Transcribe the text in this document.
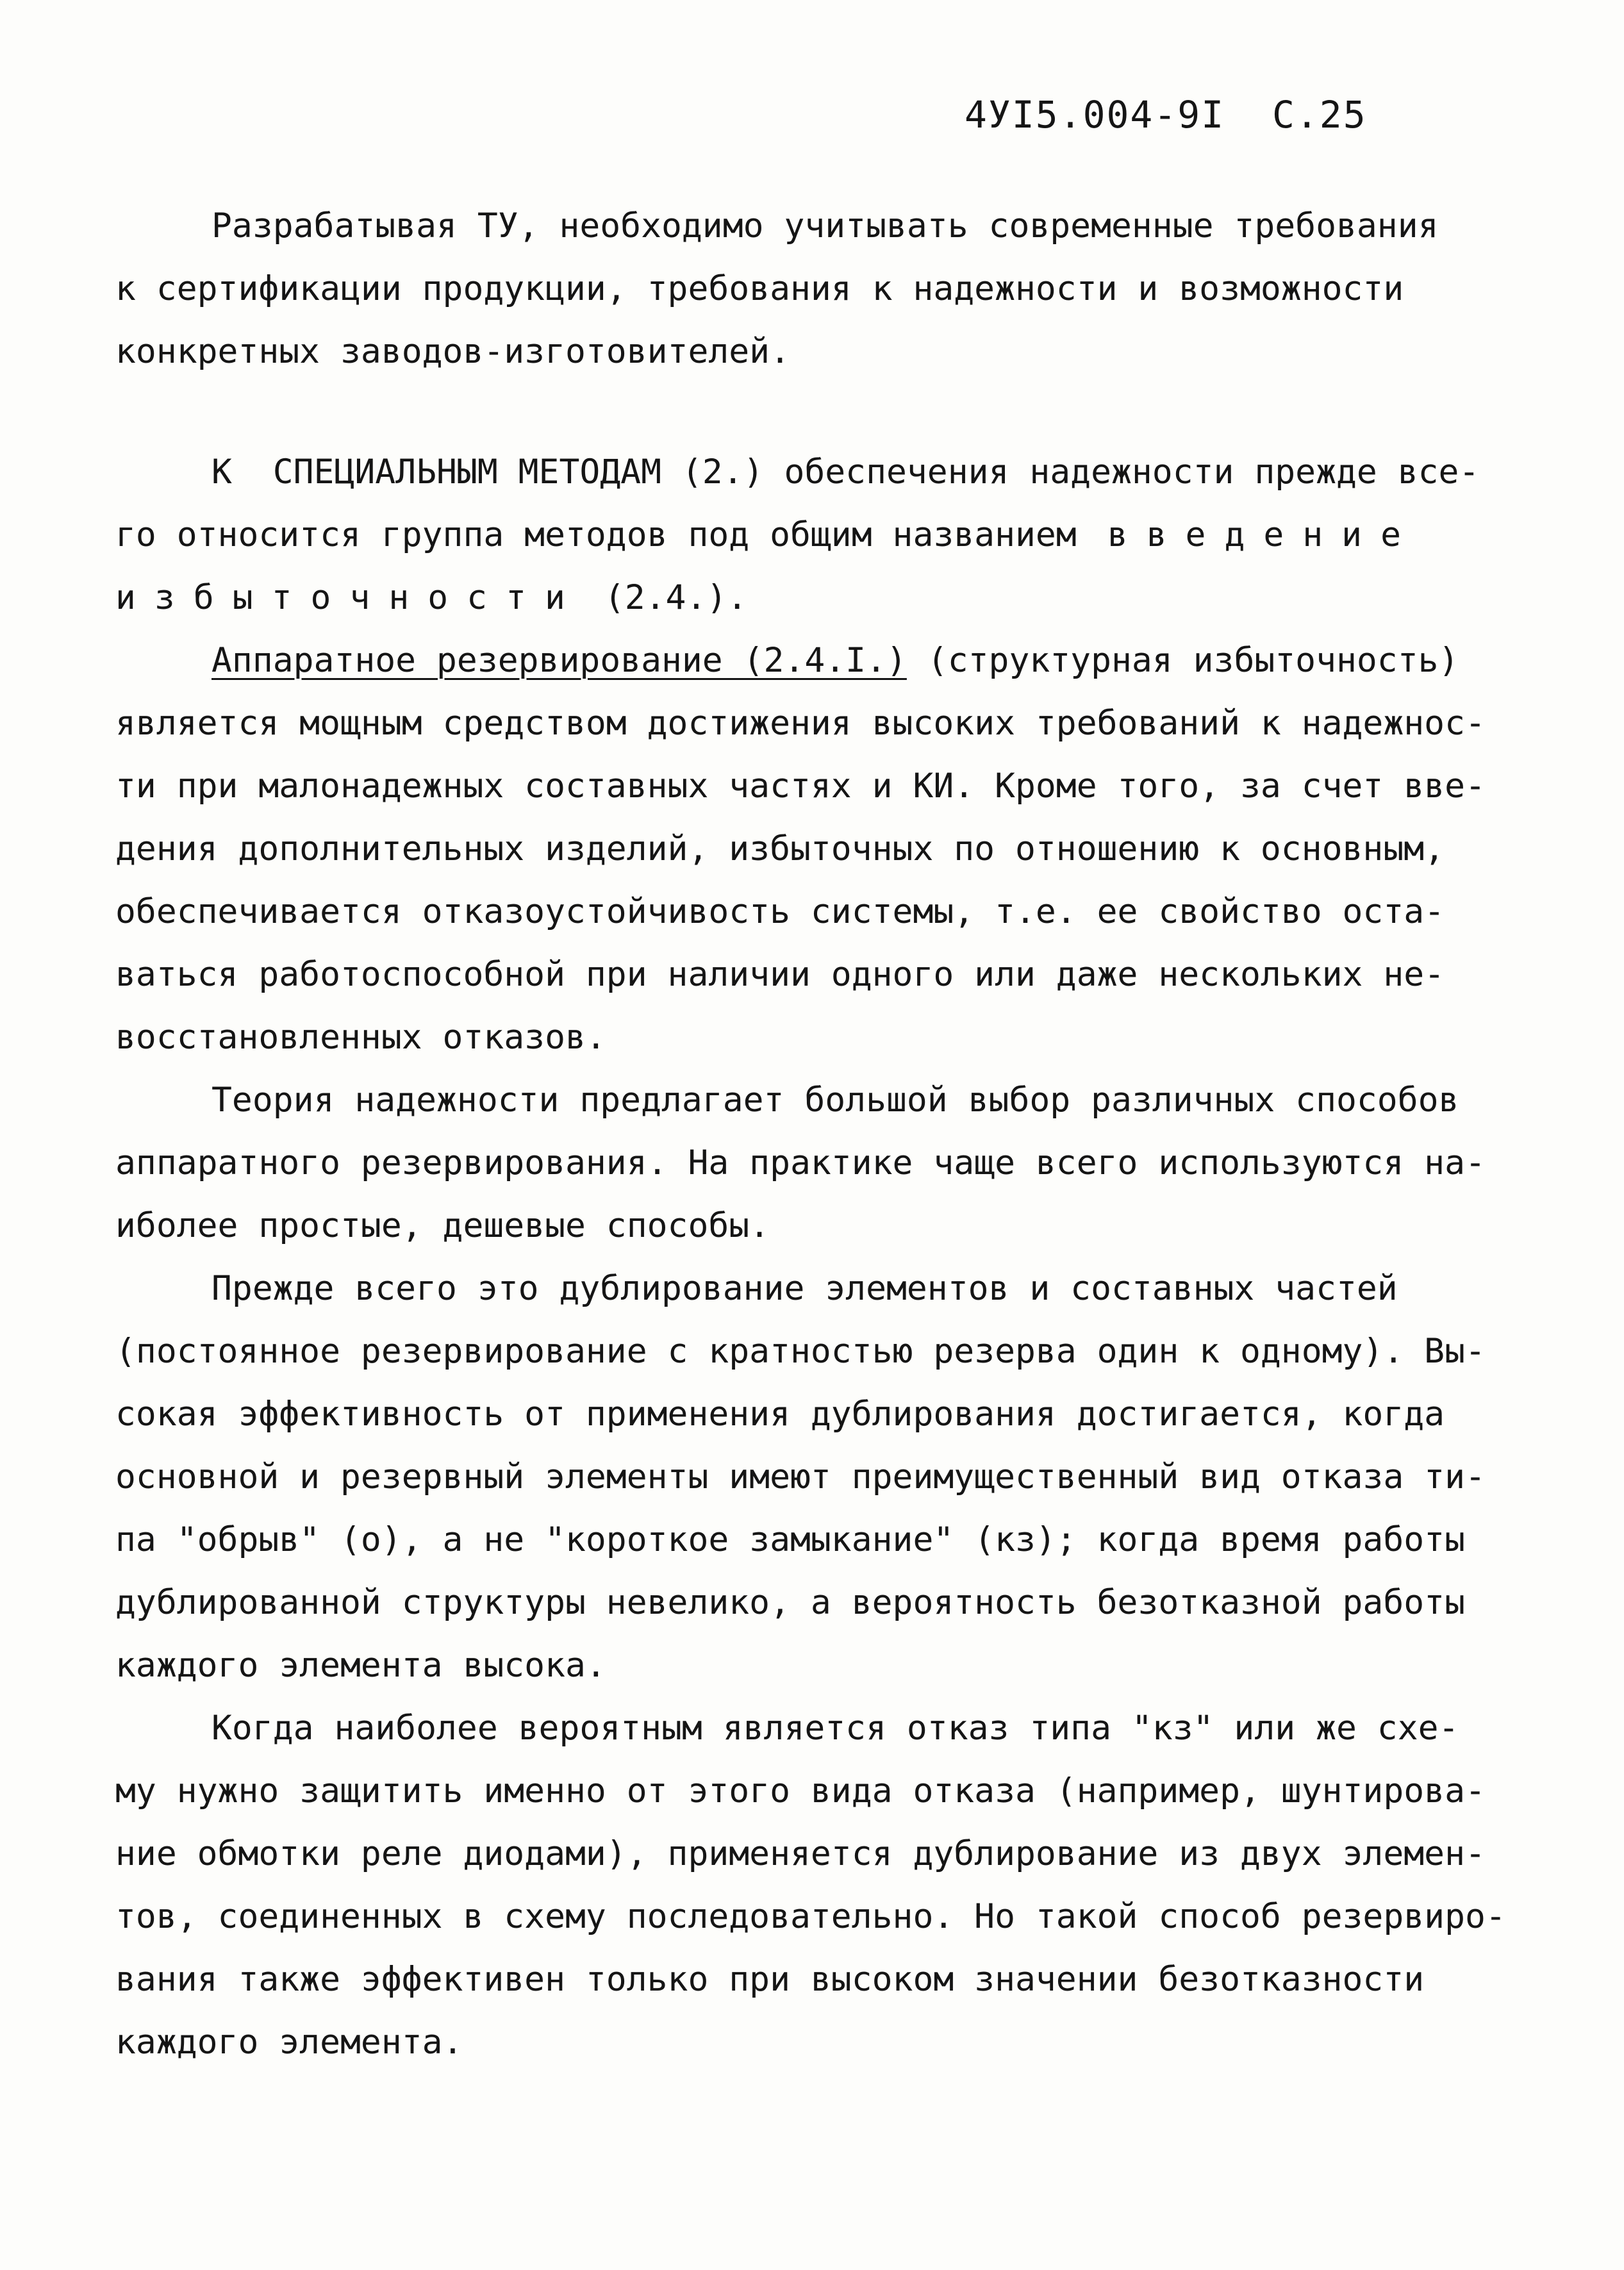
4УI5.004-9I С.25
Разрабатывая ТУ, необходимо учитывать современные требования
к сертификации продукции, требования к надежности и возможности
конкретных заводов-изготовителей.
К  СПЕЦИАЛЬНЫМ МЕТОДАМ (2.) обеспечения надежности прежде все-
го относится группа методов под общим названием введение
избыточности (2.4.).
Аппаратное резервирование (2.4.I.) (структурная избыточность)
является мощным средством достижения высоких требований к надежнос-
ти при малонадежных составных частях и КИ. Кроме того, за счет вве-
дения дополнительных изделий, избыточных по отношению к основным,
обеспечивается отказоустойчивость системы, т.е. ее свойство оста-
ваться работоспособной при наличии одного или даже нескольких не-
восстановленных отказов.
Теория надежности предлагает большой выбор различных способов
аппаратного резервирования. На практике чаще всего используются на-
иболее простые, дешевые способы.
Прежде всего это дублирование элементов и составных частей
(постоянное резервирование с кратностью резерва один к одному). Вы-
сокая эффективность от применения дублирования достигается, когда
основной и резервный элементы имеют преимущественный вид отказа ти-
па "обрыв" (о), а не "короткое замыкание" (кз); когда время работы
дублированной структуры невелико, а вероятность безотказной работы
каждого элемента высока.
Когда наиболее вероятным является отказ типа "кз" или же схе-
му нужно защитить именно от этого вида отказа (например, шунтирова-
ние обмотки реле диодами), применяется дублирование из двух элемен-
тов, соединенных в схему последовательно. Но такой способ резервиро-
вания также эффективен только при высоком значении безотказности
каждого элемента.
